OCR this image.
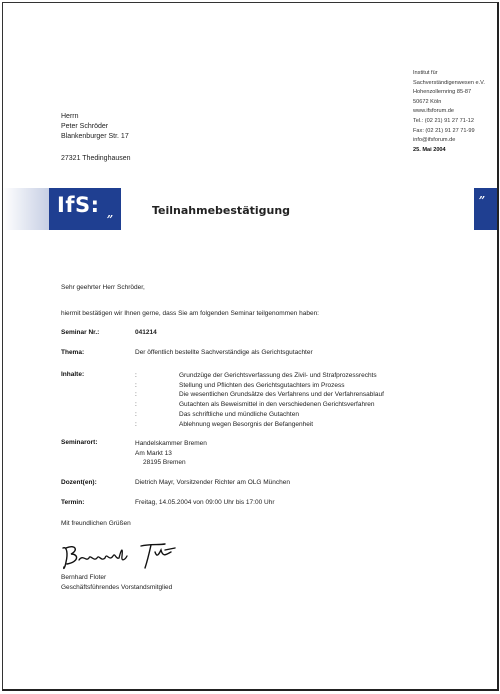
Institut für
Sachverständigenwesen e.V.
Hohenzollernring 85-87
50672 Köln
www.ifsforum.de
Tel.: (02 21) 91 27 71-12
Fax: (02 21) 91 27 71-99
info@ifsforum.de
25. Mai 2004
Herrn
Peter Schröder
Blankenburger Str. 17
27321 Thedinghausen
IfS: „	Teilnahmebestätigung
„
Sehr geehrter Herr Schröder,
hiermit bestätigen wir Ihnen gerne, dass Sie am folgenden Seminar teilgenommen haben:
Seminar Nr.:	041214
Thema:	Der öffentlich bestellte Sachverständige als Gerichtsgutachter
Inhalte:	:	Grundzüge der Gerichtsverfassung des Zivil- und Strafprozessrechts
:	Stellung und Pflichten des Gerichtsgutachters im Prozess
:	Die wesentlichen Grundsätze des Verfahrens und der Verfahrensablauf
:	Gutachten als Beweismittel in den verschiedenen Gerichtsverfahren
:	Das schriftliche und mündliche Gutachten
:	Ablehnung wegen Besorgnis der Befangenheit
Seminarort:	Handelskammer Bremen
Am Markt 13
28195 Bremen
Dozent(en):	Dietrich Mayr, Vorsitzender Richter am OLG München
Termin:	Freitag, 14.05.2004 von 09:00 Uhr bis 17:00 Uhr
Mit freundlichen Grüßen
Bernhard Floter
Geschäftsführendes Vorstandsmitglied
